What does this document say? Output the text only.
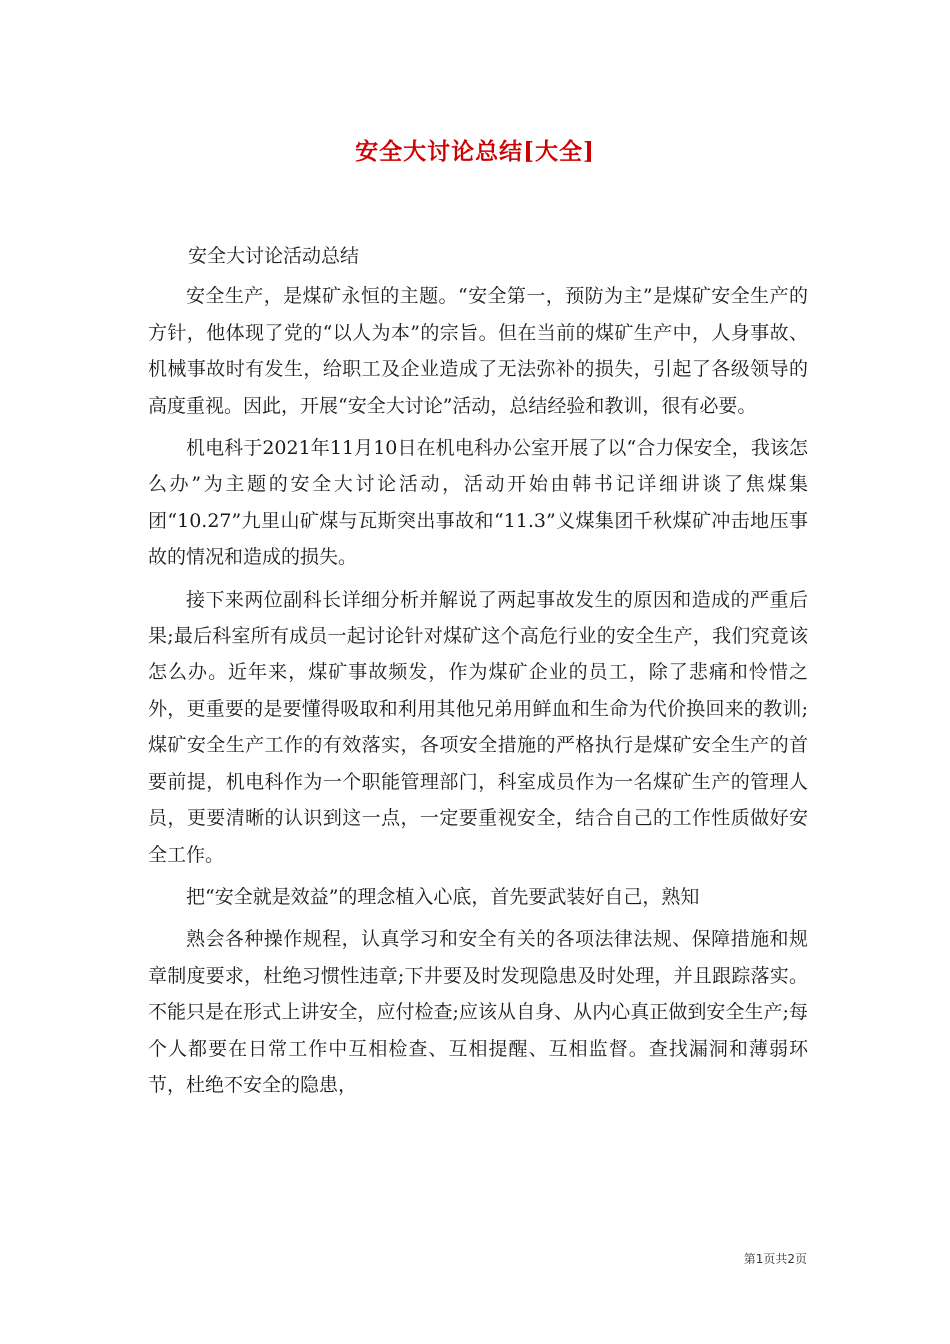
安全大讨论总结[大全]

安全大讨论活动总结

安全生产，是煤矿永恒的主题。“安全第一，预防为主”是煤矿安全生产的方针，他体现了党的“以人为本”的宗旨。但在当前的煤矿生产中，人身事故、机械事故时有发生，给职工及企业造成了无法弥补的损失，引起了各级领导的高度重视。因此，开展“安全大讨论”活动，总结经验和教训，很有必要。

机电科于2021年11月10日在机电科办公室开展了以“合力保安全，我该怎么办”为主题的安全大讨论活动，活动开始由韩书记详细讲谈了焦煤集团“10.27”九里山矿煤与瓦斯突出事故和“11.3”义煤集团千秋煤矿冲击地压事故的情况和造成的损失。

接下来两位副科长详细分析并解说了两起事故发生的原因和造成的严重后果;最后科室所有成员一起讨论针对煤矿这个高危行业的安全生产，我们究竟该怎么办。近年来，煤矿事故频发，作为煤矿企业的员工，除了悲痛和怜惜之外，更重要的是要懂得吸取和利用其他兄弟用鲜血和生命为代价换回来的教训;煤矿安全生产工作的有效落实，各项安全措施的严格执行是煤矿安全生产的首要前提，机电科作为一个职能管理部门，科室成员作为一名煤矿生产的管理人员，更要清晰的认识到这一点，一定要重视安全，结合自己的工作性质做好安全工作。

把“安全就是效益”的理念植入心底，首先要武装好自己，熟知

熟会各种操作规程，认真学习和安全有关的各项法律法规、保障措施和规章制度要求，杜绝习惯性违章;下井要及时发现隐患及时处理，并且跟踪落实。不能只是在形式上讲安全，应付检查;应该从自身、从内心真正做到安全生产;每个人都要在日常工作中互相检查、互相提醒、互相监督。查找漏洞和薄弱环节，杜绝不安全的隐患，

第1页共2页
